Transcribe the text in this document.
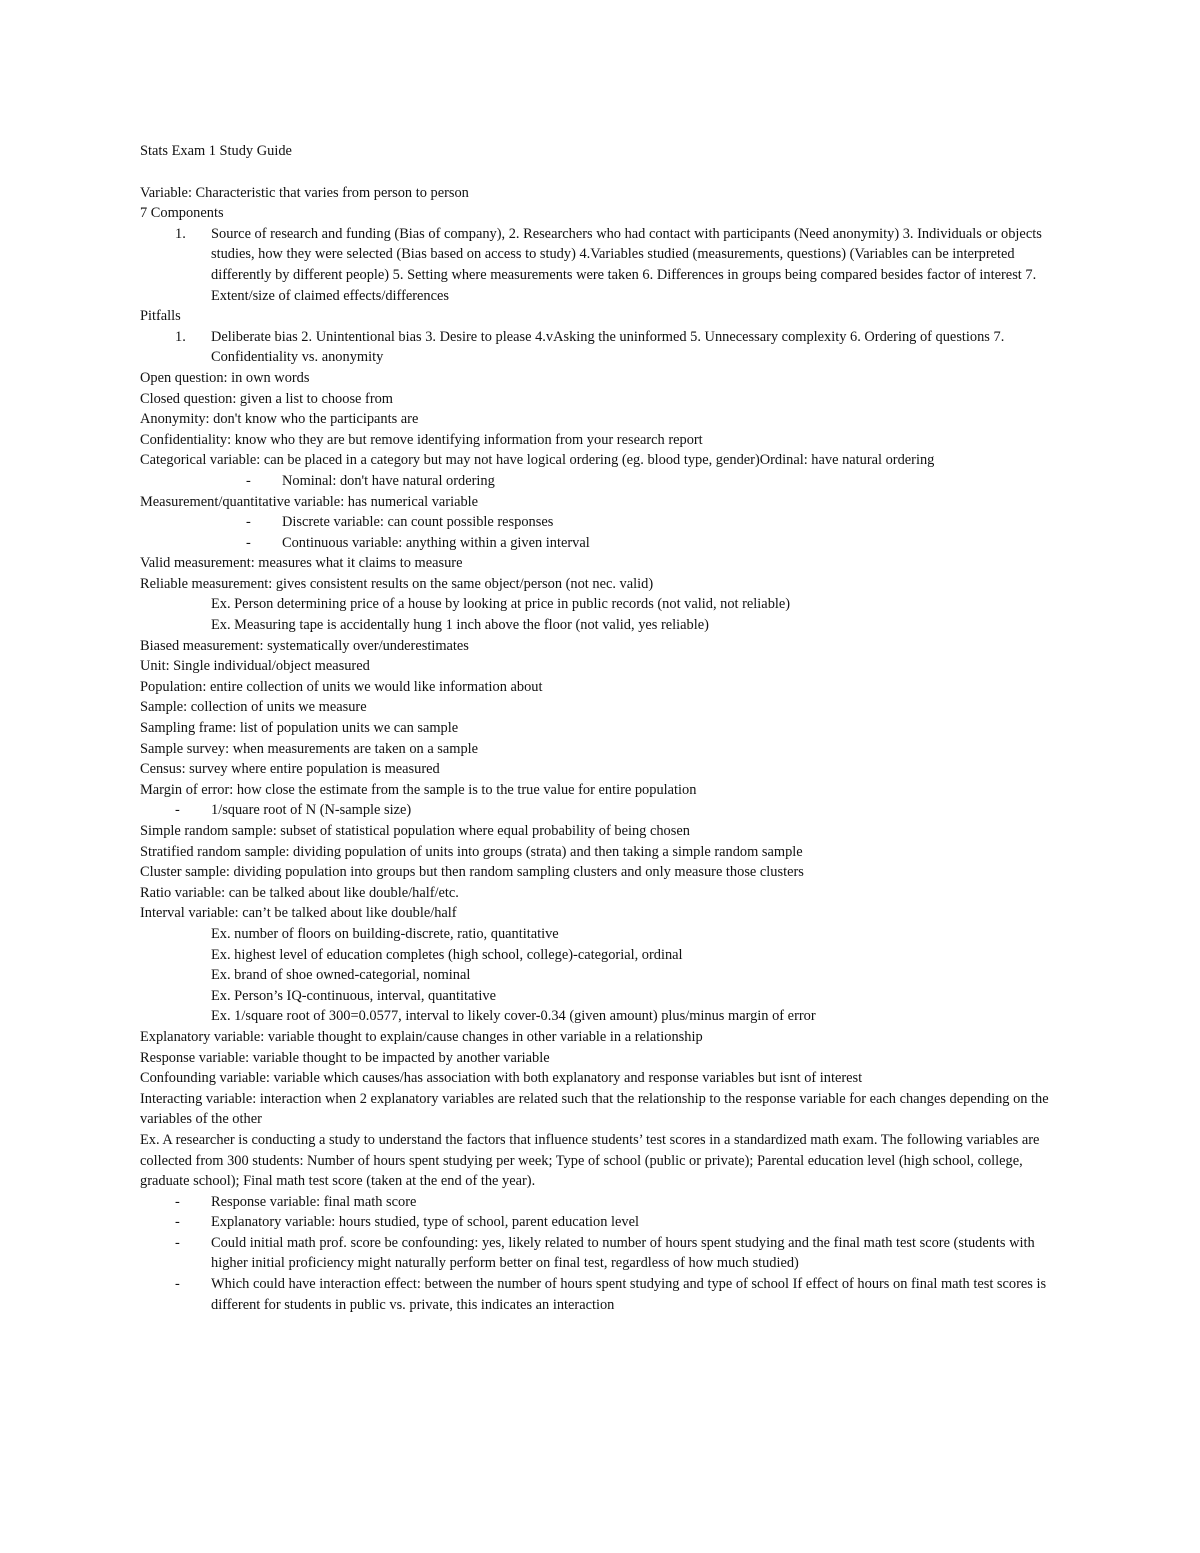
Stats Exam 1 Study Guide
Variable: Characteristic that varies from person to person
7 Components
1.	Source of research and funding (Bias of company), 2. Researchers who had contact with participants (Need anonymity) 3. Individuals or objects studies, how they were selected (Bias based on access to study) 4.Variables studied (measurements, questions) (Variables can be interpreted differently by different people) 5. Setting where measurements were taken 6. Differences in groups being compared besides factor of interest 7. Extent/size of claimed effects/differences
Pitfalls
1.	Deliberate bias 2. Unintentional bias 3. Desire to please 4.vAsking the uninformed 5. Unnecessary complexity 6. Ordering of questions 7. Confidentiality vs. anonymity
Open question: in own words
Closed question: given a list to choose from
Anonymity: don't know who the participants are
Confidentiality: know who they are but remove identifying information from your research report
Categorical variable: can be placed in a category but may not have logical ordering (eg. blood type, gender)Ordinal: have natural ordering
-	Nominal: don't have natural ordering
Measurement/quantitative variable: has numerical variable
-	Discrete variable: can count possible responses
-	Continuous variable: anything within a given interval
Valid measurement: measures what it claims to measure
Reliable measurement: gives consistent results on the same object/person (not nec. valid)
Ex. Person determining price of a house by looking at price in public records (not valid, not reliable)
Ex. Measuring tape is accidentally hung 1 inch above the floor (not valid, yes reliable)
Biased measurement: systematically over/underestimates
Unit: Single individual/object measured
Population: entire collection of units we would like information about
Sample: collection of units we measure
Sampling frame: list of population units we can sample
Sample survey: when measurements are taken on a sample
Census: survey where entire population is measured
Margin of error: how close the estimate from the sample is to the true value for entire population
-	1/square root of N (N-sample size)
Simple random sample: subset of statistical population where equal probability of being chosen
Stratified random sample: dividing population of units into groups (strata) and then taking a simple random sample
Cluster sample: dividing population into groups but then random sampling clusters and only measure those clusters
Ratio variable: can be talked about like double/half/etc.
Interval variable: can’t be talked about like double/half
Ex. number of floors on building-discrete, ratio, quantitative
Ex. highest level of education completes (high school, college)-categorial, ordinal
Ex. brand of shoe owned-categorial, nominal
Ex. Person’s IQ-continuous, interval, quantitative
Ex. 1/square root of 300=0.0577, interval to likely cover-0.34 (given amount) plus/minus margin of error
Explanatory variable: variable thought to explain/cause changes in other variable in a relationship
Response variable: variable thought to be impacted by another variable
Confounding variable: variable which causes/has association with both explanatory and response variables but isnt of interest
Interacting variable: interaction when 2 explanatory variables are related such that the relationship to the response variable for each changes depending on the variables of the other
Ex. A researcher is conducting a study to understand the factors that influence students’ test scores in a standardized math exam. The following variables are collected from 300 students: Number of hours spent studying per week; Type of school (public or private); Parental education level (high school, college, graduate school); Final math test score (taken at the end of the year).
-	Response variable: final math score
-	Explanatory variable: hours studied, type of school, parent education level
-	Could initial math prof. score be confounding: yes, likely related to number of hours spent studying and the final math test score (students with higher initial proficiency might naturally perform better on final test, regardless of how much studied)
-	Which could have interaction effect: between the number of hours spent studying and type of school If effect of hours on final math test scores is different for students in public vs. private, this indicates an interaction
